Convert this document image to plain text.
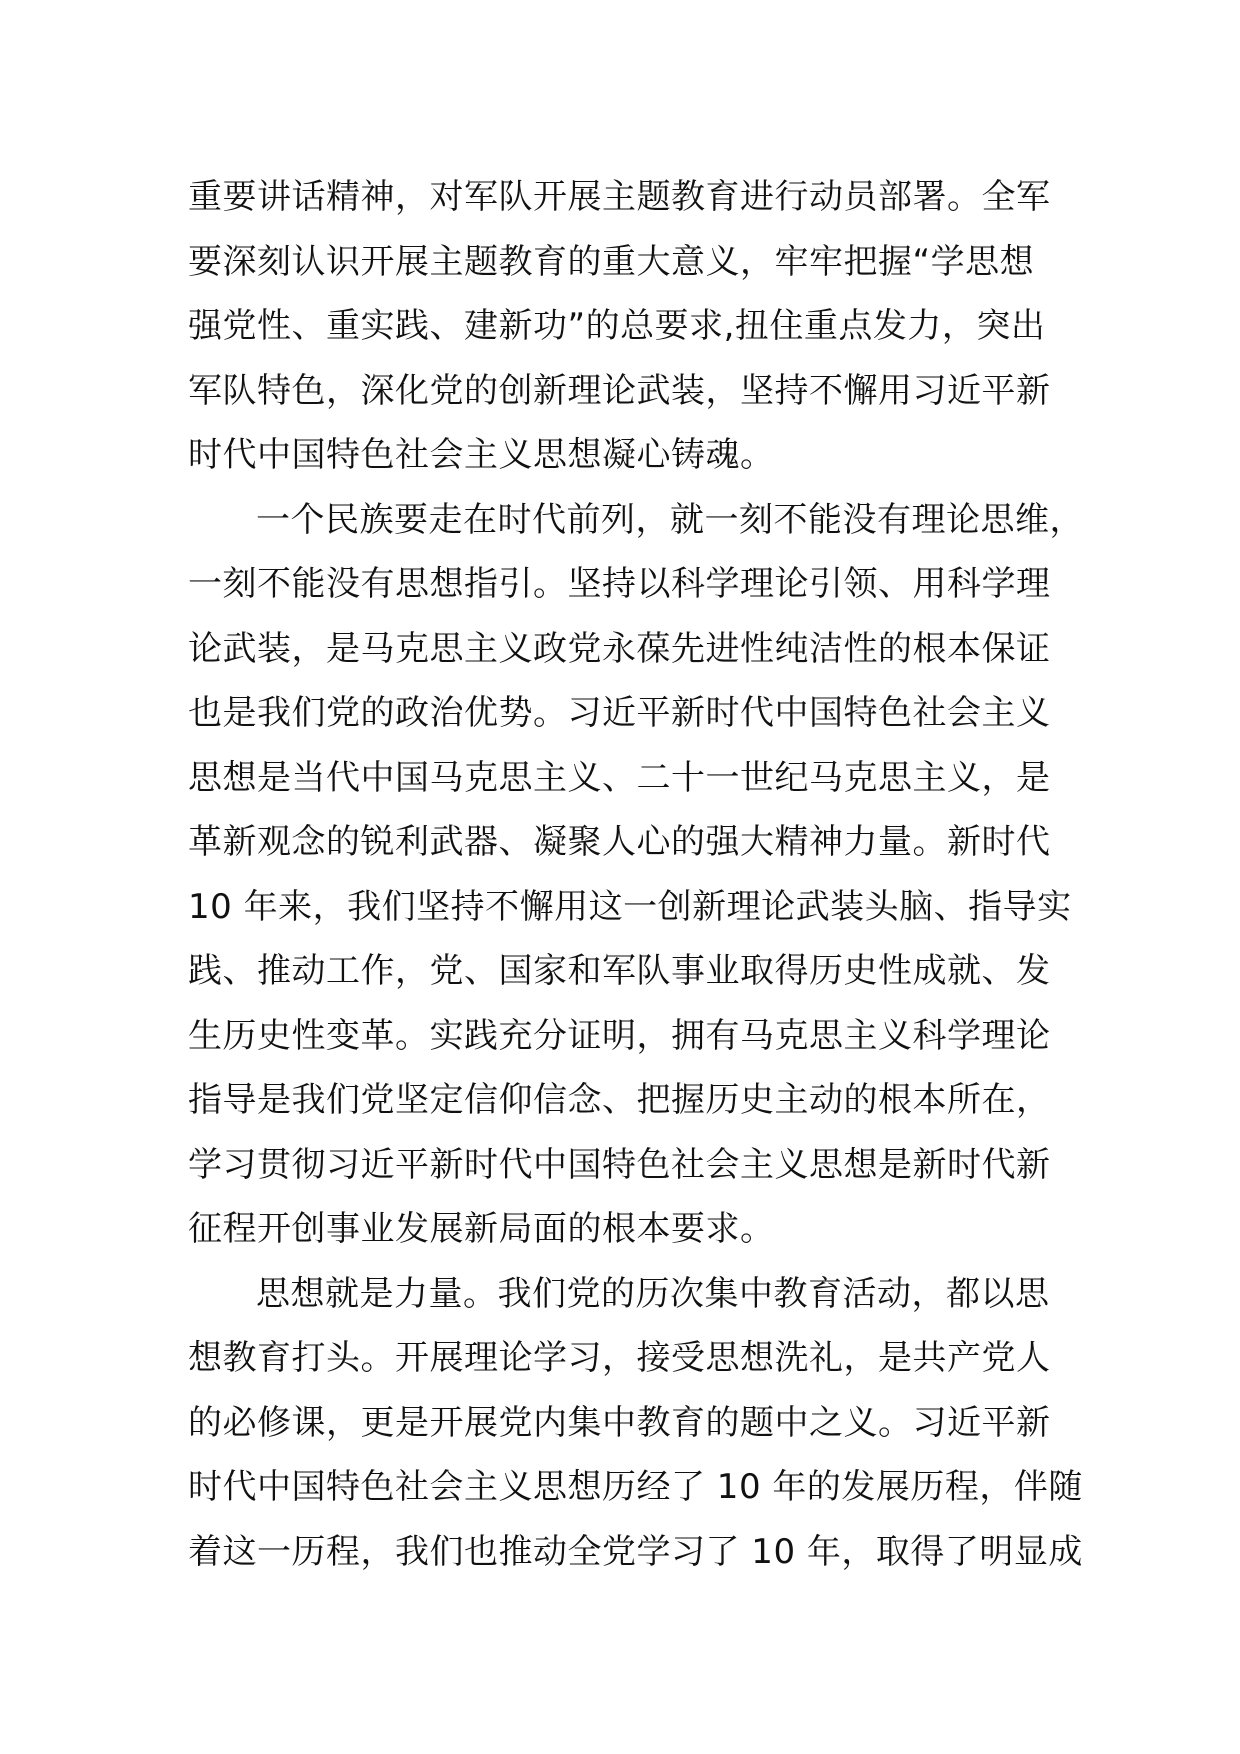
重要讲话精神，对军队开展主题教育进行动员部署。全军
要深刻认识开展主题教育的重大意义，牢牢把握“学思想
强党性、重实践、建新功”的总要求,扭住重点发力，突出
军队特色，深化党的创新理论武装，坚持不懈用习近平新
时代中国特色社会主义思想凝心铸魂。
一个民族要走在时代前列，就一刻不能没有理论思维，
一刻不能没有思想指引。坚持以科学理论引领、用科学理
论武装，是马克思主义政党永葆先进性纯洁性的根本保证
也是我们党的政治优势。习近平新时代中国特色社会主义
思想是当代中国马克思主义、二十一世纪马克思主义，是
革新观念的锐利武器、凝聚人心的强大精神力量。新时代
10 年来，我们坚持不懈用这一创新理论武装头脑、指导实
践、推动工作，党、国家和军队事业取得历史性成就、发
生历史性变革。实践充分证明，拥有马克思主义科学理论
指导是我们党坚定信仰信念、把握历史主动的根本所在，
学习贯彻习近平新时代中国特色社会主义思想是新时代新
征程开创事业发展新局面的根本要求。
思想就是力量。我们党的历次集中教育活动，都以思
想教育打头。开展理论学习，接受思想洗礼，是共产党人
的必修课，更是开展党内集中教育的题中之义。习近平新
时代中国特色社会主义思想历经了 10 年的发展历程，伴随
着这一历程，我们也推动全党学习了 10 年，取得了明显成
